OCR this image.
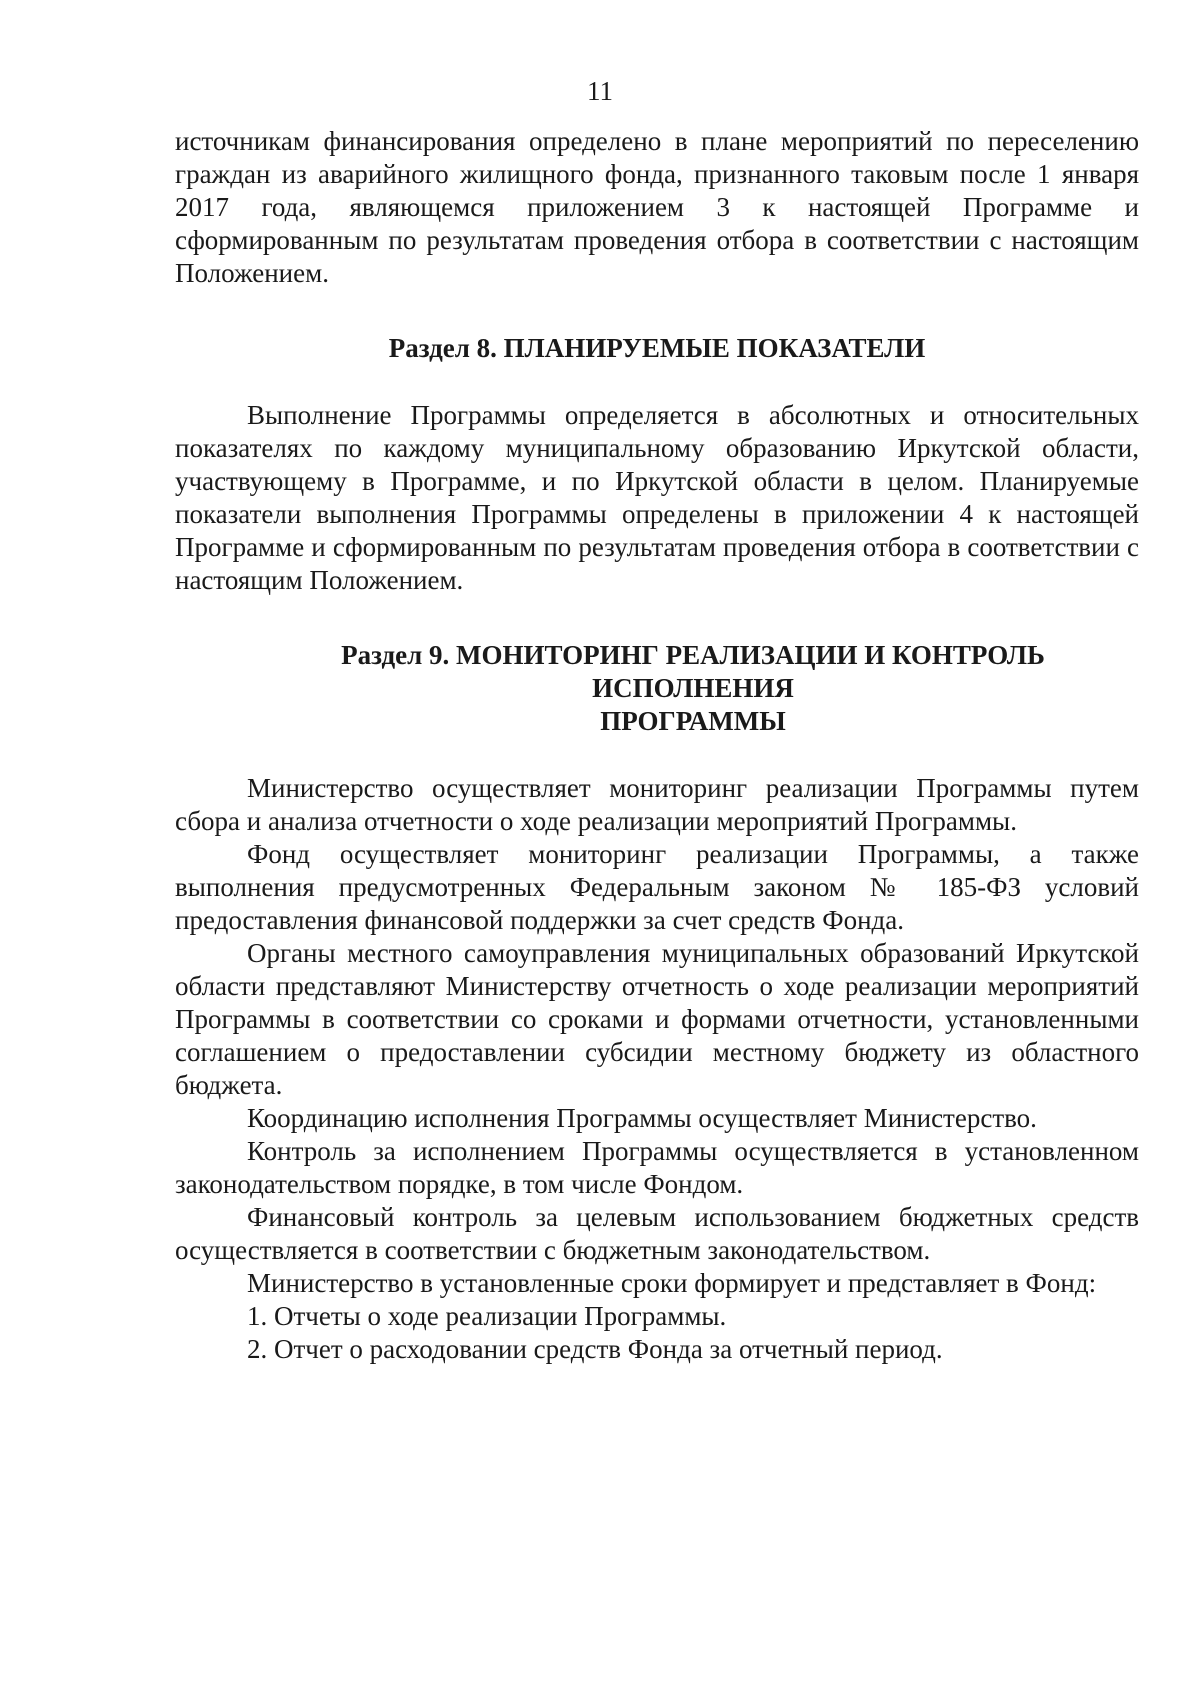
11

источникам финансирования определено в плане мероприятий по переселению граждан из аварийного жилищного фонда, признанного таковым после 1 января 2017 года, являющемся приложением 3 к настоящей Программе и сформированным по результатам проведения отбора в соответствии с настоящим Положением.

Раздел 8. ПЛАНИРУЕМЫЕ ПОКАЗАТЕЛИ

Выполнение Программы определяется в абсолютных и относительных показателях по каждому муниципальному образованию Иркутской области, участвующему в Программе, и по Иркутской области в целом. Планируемые показатели выполнения Программы определены в приложении 4 к настоящей Программе и сформированным по результатам проведения отбора в соответствии с настоящим Положением.

Раздел 9. МОНИТОРИНГ РЕАЛИЗАЦИИ И КОНТРОЛЬ ИСПОЛНЕНИЯ
ПРОГРАММЫ

Министерство осуществляет мониторинг реализации Программы путем сбора и анализа отчетности о ходе реализации мероприятий Программы.

Фонд осуществляет мониторинг реализации Программы, а также выполнения предусмотренных Федеральным законом № 185-ФЗ условий предоставления финансовой поддержки за счет средств Фонда.

Органы местного самоуправления муниципальных образований Иркутской области представляют Министерству отчетность о ходе реализации мероприятий Программы в соответствии со сроками и формами отчетности, установленными соглашением о предоставлении субсидии местному бюджету из областного бюджета.

Координацию исполнения Программы осуществляет Министерство.

Контроль за исполнением Программы осуществляется в установленном законодательством порядке, в том числе Фондом.

Финансовый контроль за целевым использованием бюджетных средств осуществляется в соответствии с бюджетным законодательством.

Министерство в установленные сроки формирует и представляет в Фонд:

1. Отчеты о ходе реализации Программы.

2. Отчет о расходовании средств Фонда за отчетный период.
